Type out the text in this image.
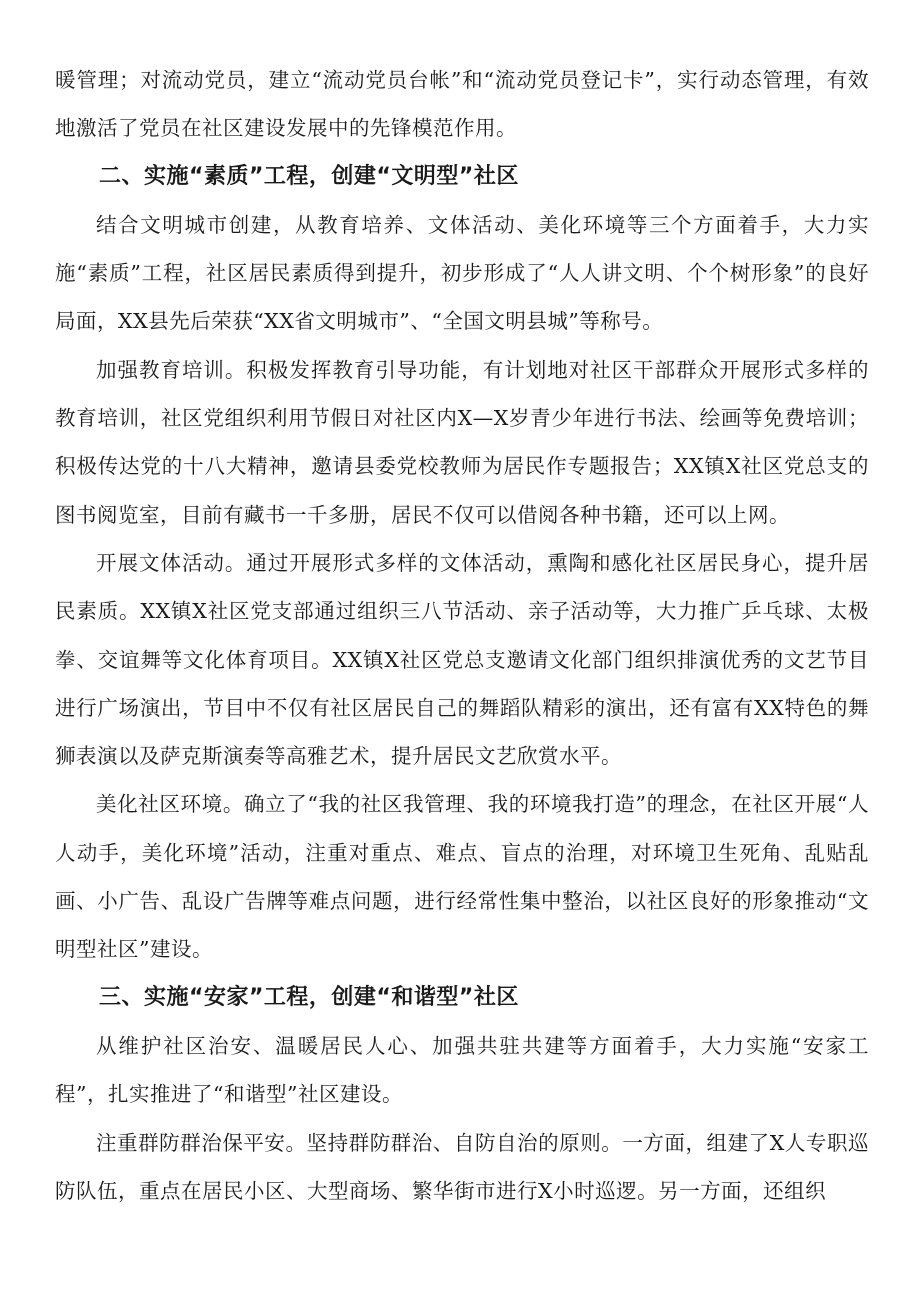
暖管理；对流动党员，建立“流动党员台帐”和“流动党员登记卡”，实行动态管理，有效地激活了党员在社区建设发展中的先锋模范作用。

二、实施“素质”工程，创建“文明型”社区

结合文明城市创建，从教育培养、文体活动、美化环境等三个方面着手，大力实施“素质”工程，社区居民素质得到提升，初步形成了“人人讲文明、个个树形象”的良好局面，XX县先后荣获“XX省文明城市”、“全国文明县城”等称号。

加强教育培训。积极发挥教育引导功能，有计划地对社区干部群众开展形式多样的教育培训，社区党组织利用节假日对社区内X—X岁青少年进行书法、绘画等免费培训；积极传达党的十八大精神，邀请县委党校教师为居民作专题报告；XX镇X社区党总支的图书阅览室，目前有藏书一千多册，居民不仅可以借阅各种书籍，还可以上网。

开展文体活动。通过开展形式多样的文体活动，熏陶和感化社区居民身心，提升居民素质。XX镇X社区党支部通过组织三八节活动、亲子活动等，大力推广乒乓球、太极拳、交谊舞等文化体育项目。XX镇X社区党总支邀请文化部门组织排演优秀的文艺节目进行广场演出，节目中不仅有社区居民自己的舞蹈队精彩的演出，还有富有XX特色的舞狮表演以及萨克斯演奏等高雅艺术，提升居民文艺欣赏水平。

美化社区环境。确立了“我的社区我管理、我的环境我打造”的理念，在社区开展“人人动手，美化环境”活动，注重对重点、难点、盲点的治理，对环境卫生死角、乱贴乱画、小广告、乱设广告牌等难点问题，进行经常性集中整治，以社区良好的形象推动“文明型社区”建设。

三、实施“安家”工程，创建“和谐型”社区

从维护社区治安、温暖居民人心、加强共驻共建等方面着手，大力实施“安家工程”，扎实推进了“和谐型”社区建设。

注重群防群治保平安。坚持群防群治、自防自治的原则。一方面，组建了X人专职巡防队伍，重点在居民小区、大型商场、繁华街市进行X小时巡逻。另一方面，还组织
